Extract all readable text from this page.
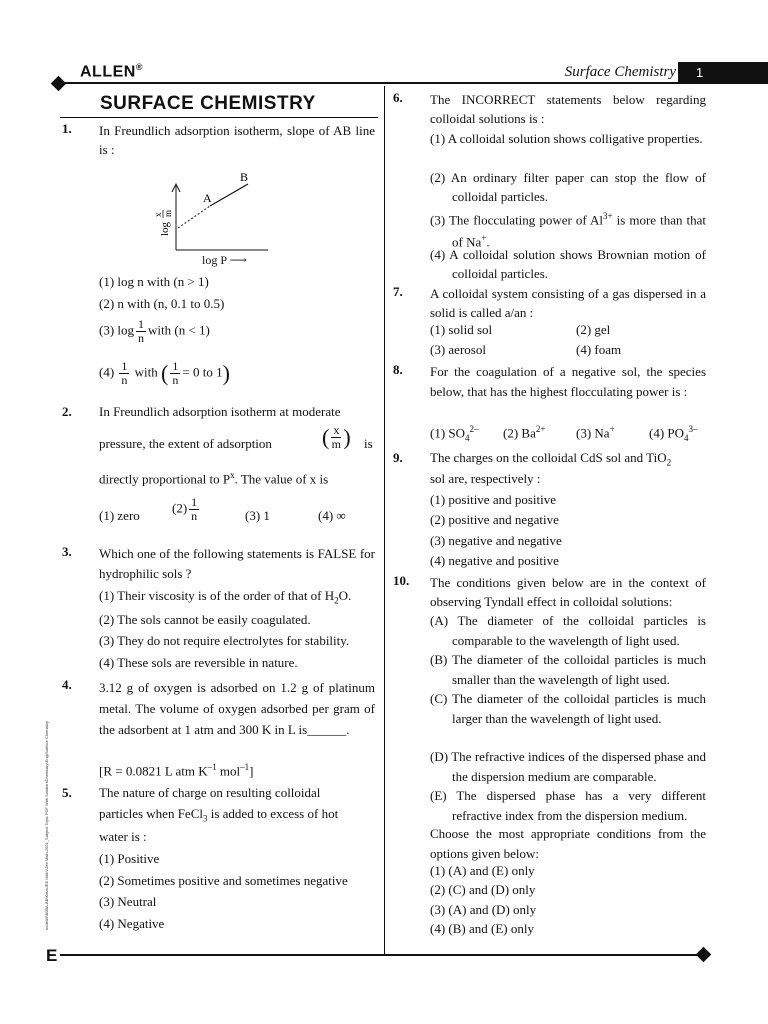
ALLEN®	Surface Chemistry 1
E
node06\B0BA-BB\Kota\JEE MAIN\Jee Main-2021_Subject Topic PDF With Solution\Chemistry\Eng\Surface Chemistry
SURFACE CHEMISTRY
1. In Freundlich adsorption isotherm, slope of AB line is :
A
B
log
x m
log P ⟶
(1) log n with (n > 1)
(2) n with (n, 0.1 to 0.5)
(3) $\log \frac{1}{n}$ with (n < 1)
$(4) \frac{1}{n}$ with ( $\frac{1}{n} = 0$ to 1)
2. In Freundlich adsorption isotherm at moderate
pressure, the extent of adsorption ( $\frac{x}{m}$ ) is
directly proportional to $P^x$. The value of x is
(1) zero
$(2) \frac{1}{n}$	(3) 1	(4) ∞
3. Which one of the following statements is FALSE for hydrophilic sols ?
(1) Their viscosity is of the order of that of $H_2O$.
(2) The sols cannot be easily coagulated.
(3) They do not require electrolytes for stability.
(4) These sols are reversible in nature.
4. 3.12 g of oxygen is adsorbed on 1.2 g of platinum metal. The volume of oxygen adsorbed per gram of the adsorbent at 1 atm and 300 K in L is______.
[R = 0.0821 L atm $K^{-1}$ mol$^{-1}$]
5. The nature of charge on resulting colloidal
particles when FeCl$_3$ is added to excess of hot
water is :
(1) Positive
(2) Sometimes positive and sometimes negative
(3) Neutral
(4) Negative
6. The INCORRECT statements below regarding colloidal solutions is :
(1) A colloidal solution shows colligative properties.
(2) An ordinary filter paper can stop the flow of colloidal particles.
(3) The flocculating power of $Al^{3+}$ is more than that of Na+.
(4) A colloidal solution shows Brownian motion of colloidal particles.
7. A colloidal system consisting of a gas dispersed in a solid is called a/an :
(1) solid sol	(2) gel
(3) aerosol	(4) foam
8. For the coagulation of a negative sol, the species below, that has the highest flocculating power is :
(1) $SO_4^{2-}$ (2) $Ba^{2+}$ (3) Na+	(4) $PO_4^{3-}$
9. The charges on the colloidal CdS sol and TiO$_2$
sol are, respectively :
(1) positive and positive
(2) positive and negative
(3) negative and negative
(4) negative and positive
10. The conditions given below are in the context of observing Tyndall effect in colloidal solutions:
(A) The diameter of the colloidal particles is comparable to the wavelength of light used.
(B) The diameter of the colloidal particles is much smaller than the wavelength of light used.
(C) The diameter of the colloidal particles is much larger than the wavelength of light used.
(D) The refractive indices of the dispersed phase and the dispersion medium are comparable.
(E) The dispersed phase has a very different refractive index from the dispersion medium.
Choose the most appropriate conditions from the options given below:
(1) (A) and (E) only
(2) (C) and (D) only
(3) (A) and (D) only
(4) (B) and (E) only
